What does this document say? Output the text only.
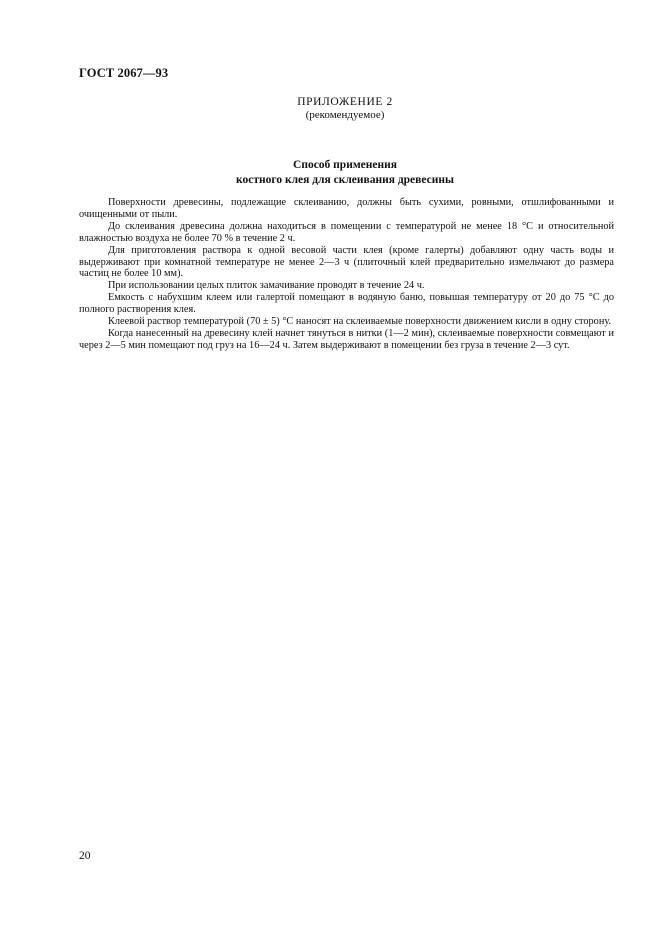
ГОСТ 2067—93
ПРИЛОЖЕНИЕ 2
(рекомендуемое)
Способ применения
костного клея для склеивания древесины

Поверхности древесины, подлежащие склеиванию, должны быть сухими, ровными, отшлифованными и очищенными от пыли.

До склеивания древесина должна находиться в помещении с температурой не менее 18 °С и относительной влажностью воздуха не более 70 % в течение 2 ч.

Для приготовления раствора к одной весовой части клея (кроме галерты) добавляют одну часть воды и выдерживают при комнатной температуре не менее 2—3 ч (плиточный клей предварительно измельчают до размера частиц не более 10 мм).

При использовании целых плиток замачивание проводят в течение 24 ч.

Емкость с набухшим клеем или галертой помещают в водяную баню, повышая температуру от 20 до 75 °С до полного растворения клея.

Клеевой раствор температурой (70 ± 5) °С наносят на склеиваемые поверхности движением кисли в одну сторону.

Когда нанесенный на древесину клей начнет тянуться в нитки (1—2 мин), склеиваемые поверхности совмещают и через 2—5 мин помещают под груз на 16—24 ч. Затем выдерживают в помещении без груза в течение 2—3 сут.

20
